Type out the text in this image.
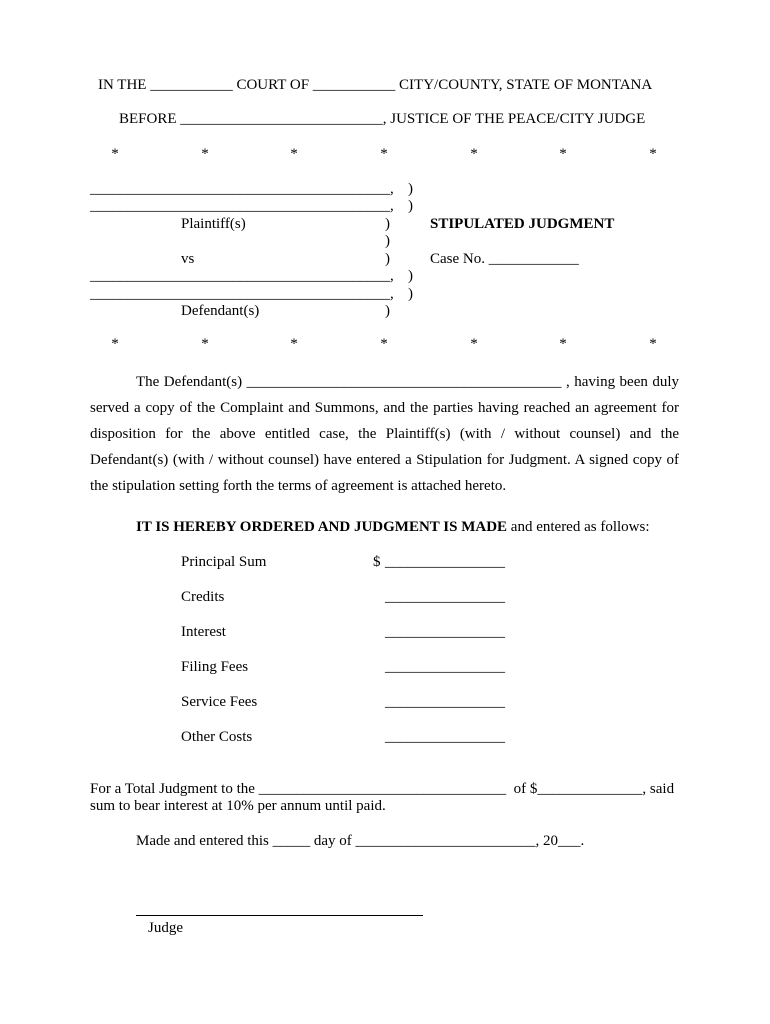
IN THE ___________ COURT OF ___________ CITY/COUNTY, STATE OF MONTANA
BEFORE ___________________________, JUSTICE OF THE PEACE/CITY JUDGE
*	*	*	*	*	*	*
________________________________________,
________________________________________,
Plaintiff(s)
vs
________________________________________,
________________________________________,
Defendant(s)
)
)
)
)
)
)
)
)
STIPULATED JUDGMENT
Case No. ____________
*	*	*	*	*	*	*

The Defendant(s) __________________________________________ , having been duly served a copy of the Complaint and Summons, and the parties having reached an agreement for disposition for the above entitled case, the Plaintiff(s) (with / without counsel) and the Defendant(s) (with / without counsel) have entered a Stipulation for Judgment. A signed copy of the stipulation setting forth the terms of agreement is attached hereto.

IT IS HEREBY ORDERED AND JUDGMENT IS MADE and entered as follows:
Principal Sum	$ ________________
Credits	________________
Interest	________________
Filing Fees	________________
Service Fees	________________
Other Costs	________________
For a Total Judgment to the _________________________________  of $______________, said
sum to bear interest at 10% per annum until paid.
Made and entered this _____ day of ________________________, 20___.
Judge
